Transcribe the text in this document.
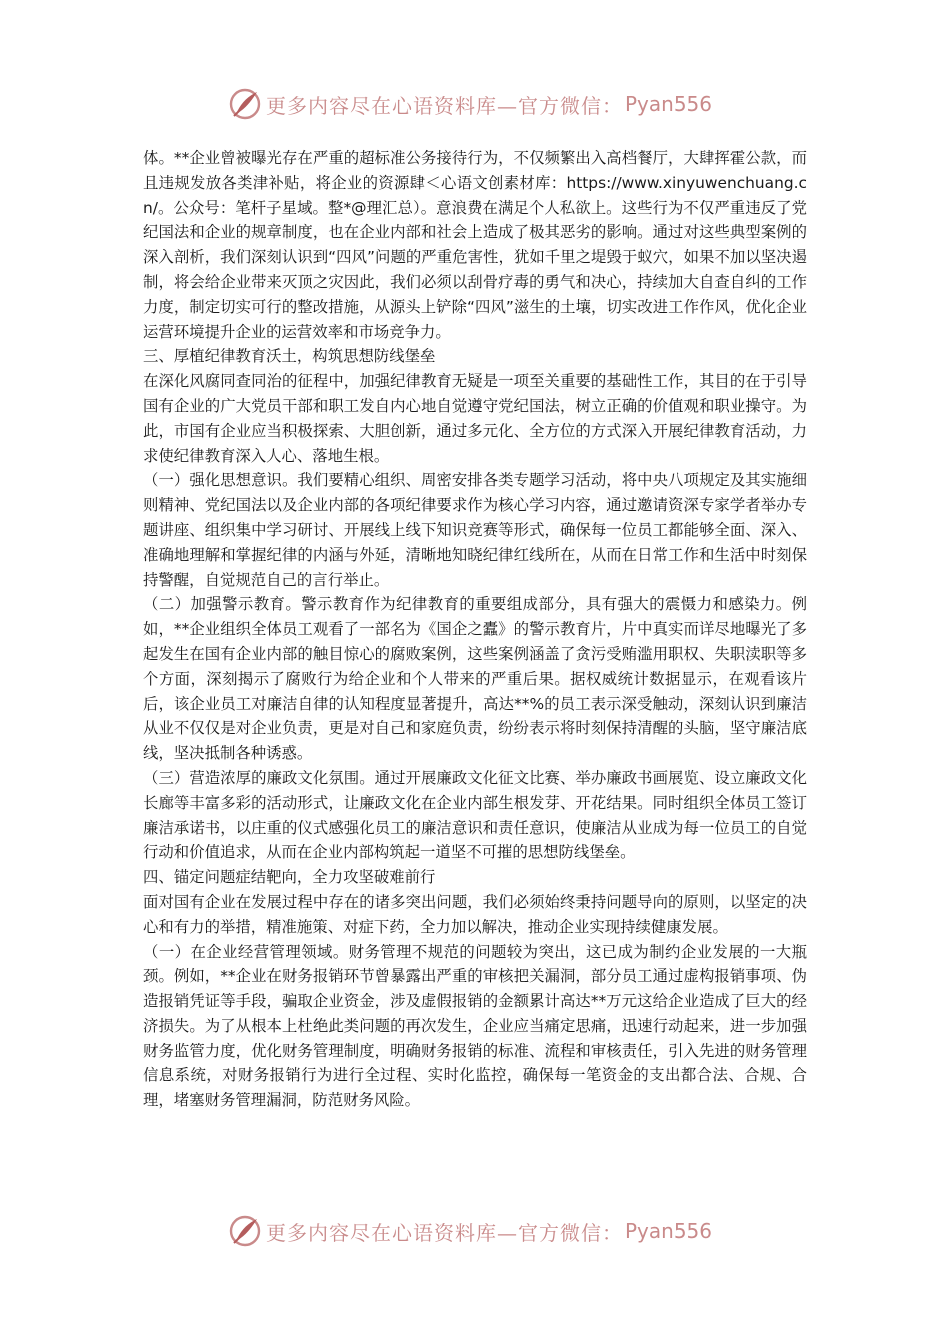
更多内容尽在心语资料库—官方微信： Pyan556

体。**企业曾被曝光存在严重的超标准公务接待行为，不仅频繁出入高档餐厅，大肆挥霍公款，而且违规发放各类津补贴，将企业的资源肆＜心语文创素材库：https://www.xinyuwenchuang.cn/。公众号：笔杆子星域。整*@理汇总）。意浪费在满足个人私欲上。这些行为不仅严重违反了党纪国法和企业的规章制度，也在企业内部和社会上造成了极其恶劣的影响。通过对这些典型案例的深入剖析，我们深刻认识到“四风”问题的严重危害性，犹如千里之堤毁于蚁穴，如果不加以坚决遏制，将会给企业带来灭顶之灾因此，我们必须以刮骨疗毒的勇气和决心，持续加大自查自纠的工作力度，制定切实可行的整改措施，从源头上铲除“四风”滋生的土壤，切实改进工作作风，优化企业运营环境提升企业的运营效率和市场竞争力。

三、厚植纪律教育沃土，构筑思想防线堡垒

在深化风腐同查同治的征程中，加强纪律教育无疑是一项至关重要的基础性工作，其目的在于引导国有企业的广大党员干部和职工发自内心地自觉遵守党纪国法，树立正确的价值观和职业操守。为此，市国有企业应当积极探索、大胆创新，通过多元化、全方位的方式深入开展纪律教育活动，力求使纪律教育深入人心、落地生根。

（一）强化思想意识。我们要精心组织、周密安排各类专题学习活动，将中央八项规定及其实施细则精神、党纪国法以及企业内部的各项纪律要求作为核心学习内容，通过邀请资深专家学者举办专题讲座、组织集中学习研讨、开展线上线下知识竞赛等形式，确保每一位员工都能够全面、深入、准确地理解和掌握纪律的内涵与外延，清晰地知晓纪律红线所在，从而在日常工作和生活中时刻保持警醒，自觉规范自己的言行举止。

（二）加强警示教育。警示教育作为纪律教育的重要组成部分，具有强大的震慑力和感染力。例如，**企业组织全体员工观看了一部名为《国企之蠹》的警示教育片，片中真实而详尽地曝光了多起发生在国有企业内部的触目惊心的腐败案例，这些案例涵盖了贪污受贿滥用职权、失职渎职等多个方面，深刻揭示了腐败行为给企业和个人带来的严重后果。据权威统计数据显示，在观看该片后，该企业员工对廉洁自律的认知程度显著提升，高达**%的员工表示深受触动，深刻认识到廉洁从业不仅仅是对企业负责，更是对自己和家庭负责，纷纷表示将时刻保持清醒的头脑，坚守廉洁底线，坚决抵制各种诱惑。

（三）营造浓厚的廉政文化氛围。通过开展廉政文化征文比赛、举办廉政书画展览、设立廉政文化长廊等丰富多彩的活动形式，让廉政文化在企业内部生根发芽、开花结果。同时组织全体员工签订廉洁承诺书，以庄重的仪式感强化员工的廉洁意识和责任意识，使廉洁从业成为每一位员工的自觉行动和价值追求，从而在企业内部构筑起一道坚不可摧的思想防线堡垒。

四、锚定问题症结靶向，全力攻坚破难前行

面对国有企业在发展过程中存在的诸多突出问题，我们必须始终秉持问题导向的原则，以坚定的决心和有力的举措，精准施策、对症下药，全力加以解决，推动企业实现持续健康发展。

（一）在企业经营管理领域。财务管理不规范的问题较为突出，这已成为制约企业发展的一大瓶颈。例如，**企业在财务报销环节曾暴露出严重的审核把关漏洞，部分员工通过虚构报销事项、伪造报销凭证等手段，骗取企业资金，涉及虚假报销的金额累计高达**万元这给企业造成了巨大的经济损失。为了从根本上杜绝此类问题的再次发生，企业应当痛定思痛，迅速行动起来，进一步加强财务监管力度，优化财务管理制度，明确财务报销的标准、流程和审核责任，引入先进的财务管理信息系统，对财务报销行为进行全过程、实时化监控，确保每一笔资金的支出都合法、合规、合理，堵塞财务管理漏洞，防范财务风险。

更多内容尽在心语资料库—官方微信： Pyan556
